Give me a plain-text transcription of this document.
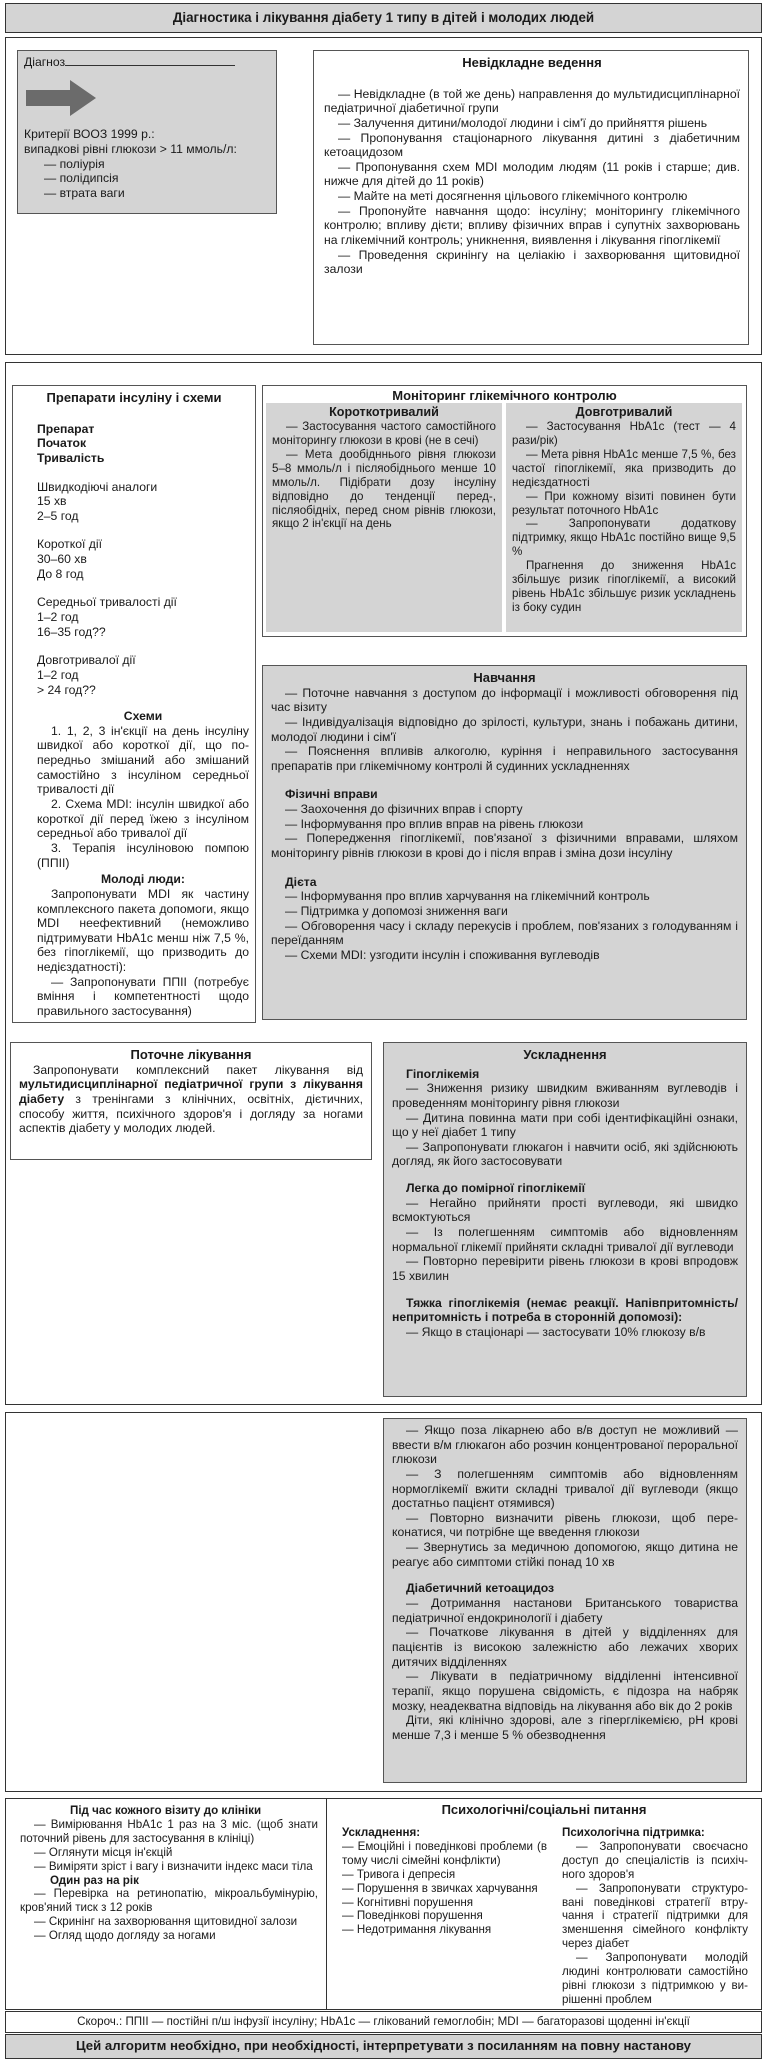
Діагностика і лікування діабету 1 типу в дітей і молодих людей
Діагноз

Критерії ВООЗ 1999 р.:

випадкові рівні глюкози > 11 ммоль/л:

— поліурія

— полідипсія

— втрата ваги

Невідкладне ведення

— Невідкладне (в той же день) направлення до мультидисциплінарної педіатричної діабетичної групи

— Залучення дитини/молодої людини і сім'ї до прийняття рішень

— Пропонування стаціонарного лікування дитині з діабетичним кетоацидозом

— Пропонування схем MDI молодим людям (11 років і старше; див. нижче для дітей до 11 років)

— Майте на меті досягнення цільового глікемічного контролю

— Пропонуйте навчання щодо: інсуліну; моніторингу глікемічного контролю; впливу дієти; впливу фізичних вправ і супутніх захворювань на глікемічний контроль; уникнення, виявлення і лікування гіпоглікемії

— Проведення скринінгу на целіакію і захворювання щитовидної залози

Препарати інсуліну і схеми

Препарат

Початок

Тривалість

Швидкодіючі аналоги

15 хв

2–5 год

Короткої дії

30–60 хв

До 8 год

Середньої тривалості дії

1–2 год

16–35 год??

Довготривалої дії

1–2 год

> 24 год??

Схеми

1. 1, 2, 3 ін'єкції на день інсуліну швидкої або короткої дії, що попередньо змішаний або змішаний самостійно з інсуліном середньої тривалості дії

2. Схема MDI: інсулін швидкої або короткої дії перед їжею з інсуліном середньої або тривалої дії

3. Терапія інсуліновою помпою (ППІІ)

Молоді люди:

Запропонувати MDI як частину комплексного пакета допомоги, якщо MDI неефективний (неможливо підтримувати HbA1c менш ніж 7,5 %, без гіпоглікемії, що призводить до недієздатності):

— Запропонувати ППІІ (потребує вміння і компетентності щодо правильного застосування)

Моніторинг глікемічного контролю

Короткотривалий

— Застосування частого самостійного моніторингу глюкози в крові (не в сечі)

— Мета дообідннього рівня глюкози 5–8 ммоль/л і післяобіднього менше 10 ммоль/л. Підібрати дозу інсуліну відповідно до тенденції перед-, післяобідніх, перед сном рівнів глюкози, якщо 2 ін'єкції на день

Довготривалий

— Застосування HbA1c (тест — 4 рази/рік)

— Мета рівня HbA1c менше 7,5 %, без частої гіпоглікемії, яка призводить до недієздатності

— При кожному візиті повинен бути результат поточного HbA1c

— Запропонувати додаткову підтримку, якщо HbA1c постійно вище 9,5 %

Прагнення до зниження HbA1c збільшує ризик гіпоглікемії, а високий рівень HbA1c збільшує ризик ускладнень із боку судин

Навчання

— Поточне навчання з доступом до інформації і можливості обговорення під час візиту

— Індивідуалізація відповідно до зрілості, культури, знань і побажань дитини, молодої людини і сім'ї

— Пояснення впливів алкоголю, куріння і неправильного застосування препаратів при глікемічному контролі й судинних ускладненнях

Фізичні вправи

— Заохочення до фізичних вправ і спорту

— Інформування про вплив вправ на рівень глюкози

— Попередження гіпоглікемії, пов'язаної з фізичними вправами, шляхом моніторингу рівнів глюкози в крові до і після вправ і зміна дози інсуліну

Дієта

— Інформування про вплив харчування на глікемічний контроль

— Підтримка у допомозі зниження ваги

— Обговорення часу і складу перекусів і проблем, пов'язаних з голодуванням і переїданням

— Схеми MDI: узгодити інсулін і споживання вуглеводів

Поточне лікування

Запропонувати комплексний пакет лікування від мультидисциплінарної педіатричної групи з лікування діабету з тренінгами з клінічних, освітніх, дієтичних, способу життя, психічного здоров'я і догляду за ногами аспектів діабету у молодих людей.

Ускладнення

Гіпоглікемія

— Зниження ризику швидким вживанням вуглеводів і проведенням моніторингу рівня глюкози

— Дитина повинна мати при собі ідентифікаційні ознаки, що у неї діабет 1 типу

— Запропонувати глюкагон і навчити осіб, які здійснюють догляд, як його застосовувати

Легка до помірної гіпоглікемії

— Негайно прийняти прості вуглеводи, які швидко всмоктуються

— Із полегшенням симптомів або відновленням нормальної глікемії прийняти складні тривалої дії вуглеводи

— Повторно перевірити рівень глюкози в крові впродовж 15 хвилин

Тяжка гіпоглікемія (немає реакції. Напівпритомність/непритомність і потреба в сторонній допомозі):

— Якщо в стаціонарі — застосувати 10% глюкозу в/в

— Якщо поза лікарнею або в/в доступ не можливий — ввести в/м глюкагон або розчин концентрованої пероральної глюкози

— З полегшенням симптомів або відновленням нормоглікемії вжити складні тривалої дії вуглеводи (якщо достатньо пацієнт отямився)

— Повторно визначити рівень глюкози, щоб переконатися, чи потрібне ще введення глюкози

— Звернутись за медичною допомогою, якщо дитина не реагує або симптоми стійкі понад 10 хв

Діабетичний кетоацидоз

— Дотримання настанови Британського товариства педіатричної ендокринології і діабету

— Початкове лікування в дітей у відділеннях для пацієнтів із високою залежністю або лежачих хворих дитячих відділеннях

— Лікувати в педіатричному відділенні інтенсивної терапії, якщо порушена свідомість, є підозра на набряк мозку, неадекватна відповідь на лікування або вік до 2 років

Діти, які клінічно здорові, але з гіперглікемією, pH крові менше 7,3 і менше 5 % обезводнення

Під час кожного візиту до клініки

— Вимірювання HbA1c 1 раз на 3 міс. (щоб знати поточний рівень для застосування в клініці)

— Оглянути місця ін'єкцій

— Виміряти зріст і вагу і визначити індекс маси тіла

Один раз на рік

— Перевірка на ретинопатію, мікроальбумінурію, кров'яний тиск з 12 років

— Скринінг на захворювання щитовидної залози

— Огляд щодо догляду за ногами

Психологічні/соціальні питання

Ускладнення:

— Емоційні і поведінкові проблеми (в тому числі сімейні конфлікти)

— Тривога і депресія

— Порушення в звичках харчування

— Когнітивні порушення

— Поведінкові порушення

— Недотримання лікування

Психологічна підтримка:

— Запропонувати своєчасно доступ до спеціалістів із психічного здоров'я

— Запропонувати структуровані поведінкові стратегії втручання і стратегії підтримки для зменшення сімейного конфлікту через діабет

— Запропонувати молодій людині контролювати самостійно рівні глюкози з підтримкою у вирішенні проблем

Скороч.: ППІІ — постійні п/ш інфузії інсуліну; HbA1c — глікований гемоглобін; MDI — багаторазові щоденні ін'єкції
Цей алгоритм необхідно, при необхідності, інтерпретувати з посиланням на повну настанову
